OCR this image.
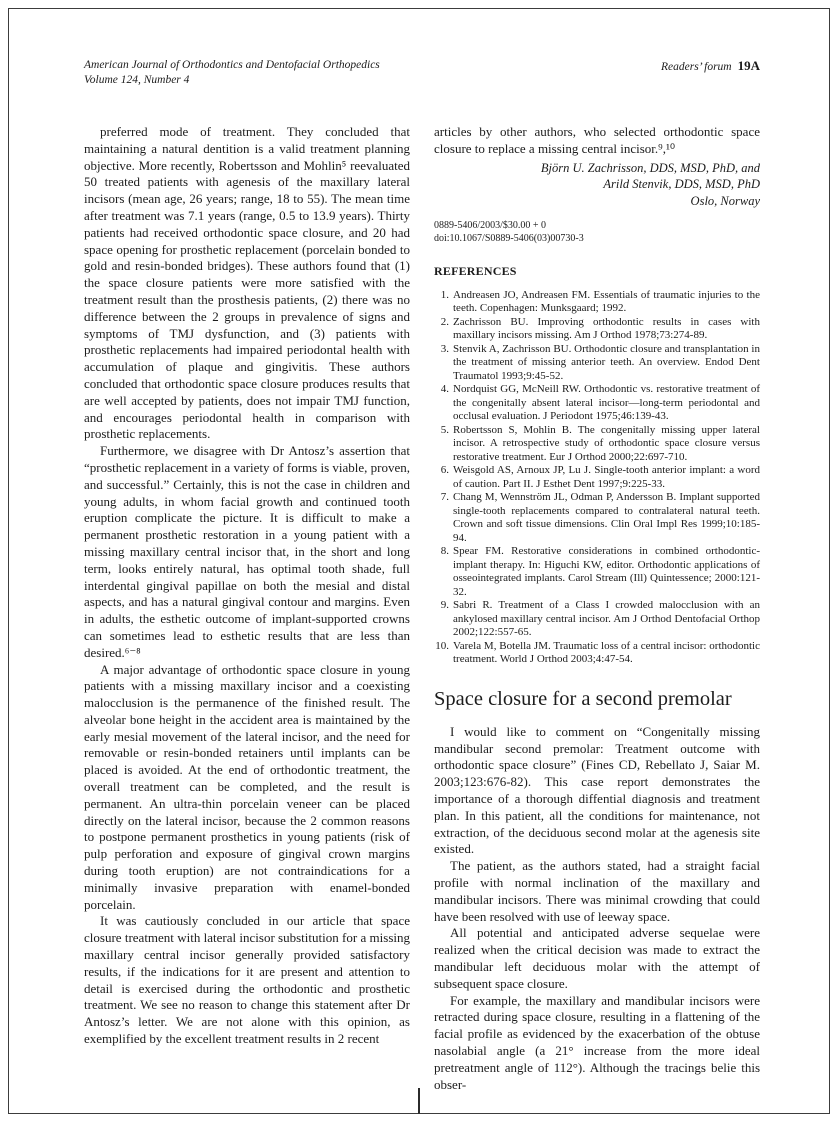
American Journal of Orthodontics and Dentofacial Orthopedics
Volume 124, Number 4
Readers’ forum 19A

preferred mode of treatment. They concluded that maintaining a natural dentition is a valid treatment planning objective. More recently, Robertsson and Mohlin⁵ reevaluated 50 treated patients with agenesis of the maxillary lateral incisors (mean age, 26 years; range, 18 to 55). The mean time after treatment was 7.1 years (range, 0.5 to 13.9 years). Thirty patients had received orthodontic space closure, and 20 had space opening for prosthetic replacement (porcelain bonded to gold and resin-bonded bridges). These authors found that (1) the space closure patients were more satisfied with the treatment result than the prosthesis patients, (2) there was no difference between the 2 groups in prevalence of signs and symptoms of TMJ dysfunction, and (3) patients with prosthetic replacements had impaired periodontal health with accumulation of plaque and gingivitis. These authors concluded that orthodontic space closure produces results that are well accepted by patients, does not impair TMJ function, and encourages periodontal health in comparison with prosthetic replacements.

Furthermore, we disagree with Dr Antosz’s assertion that “prosthetic replacement in a variety of forms is viable, proven, and successful.” Certainly, this is not the case in children and young adults, in whom facial growth and continued tooth eruption complicate the picture. It is difficult to make a permanent prosthetic restoration in a young patient with a missing maxillary central incisor that, in the short and long term, looks entirely natural, has optimal tooth shade, full interdental gingival papillae on both the mesial and distal aspects, and has a natural gingival contour and margins. Even in adults, the esthetic outcome of implant-supported crowns can sometimes lead to esthetic results that are less than desired.⁶⁻⁸

A major advantage of orthodontic space closure in young patients with a missing maxillary incisor and a coexisting malocclusion is the permanence of the finished result. The alveolar bone height in the accident area is maintained by the early mesial movement of the lateral incisor, and the need for removable or resin-bonded retainers until implants can be placed is avoided. At the end of orthodontic treatment, the overall treatment can be completed, and the result is permanent. An ultra-thin porcelain veneer can be placed directly on the lateral incisor, because the 2 common reasons to postpone permanent prosthetics in young patients (risk of pulp perforation and exposure of gingival crown margins during tooth eruption) are not contraindications for a minimally invasive preparation with enamel-bonded porcelain.

It was cautiously concluded in our article that space closure treatment with lateral incisor substitution for a missing maxillary central incisor generally provided satisfactory results, if the indications for it are present and attention to detail is exercised during the orthodontic and prosthetic treatment. We see no reason to change this statement after Dr Antosz’s letter. We are not alone with this opinion, as exemplified by the excellent treatment results in 2 recent

articles by other authors, who selected orthodontic space closure to replace a missing central incisor.⁹,¹⁰

Björn U. Zachrisson, DDS, MSD, PhD, and
Arild Stenvik, DDS, MSD, PhD
Oslo, Norway
0889-5406/2003/$30.00 + 0
doi:10.1067/S0889-5406(03)00730-3
REFERENCES
Andreasen JO, Andreasen FM. Essentials of traumatic injuries to the teeth. Copenhagen: Munksgaard; 1992.
Zachrisson BU. Improving orthodontic results in cases with maxillary incisors missing. Am J Orthod 1978;73:274-89.
Stenvik A, Zachrisson BU. Orthodontic closure and transplantation in the treatment of missing anterior teeth. An overview. Endod Dent Traumatol 1993;9:45-52.
Nordquist GG, McNeill RW. Orthodontic vs. restorative treatment of the congenitally absent lateral incisor—long-term periodontal and occlusal evaluation. J Periodont 1975;46:139-43.
Robertsson S, Mohlin B. The congenitally missing upper lateral incisor. A retrospective study of orthodontic space closure versus restorative treatment. Eur J Orthod 2000;22:697-710.
Weisgold AS, Arnoux JP, Lu J. Single-tooth anterior implant: a word of caution. Part II. J Esthet Dent 1997;9:225-33.
Chang M, Wennström JL, Odman P, Andersson B. Implant supported single-tooth replacements compared to contralateral natural teeth. Crown and soft tissue dimensions. Clin Oral Impl Res 1999;10:185-94.
Spear FM. Restorative considerations in combined orthodontic-implant therapy. In: Higuchi KW, editor. Orthodontic applications of osseointegrated implants. Carol Stream (Ill) Quintessence; 2000:121-32.
Sabri R. Treatment of a Class I crowded malocclusion with an ankylosed maxillary central incisor. Am J Orthod Dentofacial Orthop 2002;122:557-65.
Varela M, Botella JM. Traumatic loss of a central incisor: orthodontic treatment. World J Orthod 2003;4:47-54.
Space closure for a second premolar

I would like to comment on “Congenitally missing mandibular second premolar: Treatment outcome with orthodontic space closure” (Fines CD, Rebellato J, Saiar M. 2003;123:676-82). This case report demonstrates the importance of a thorough diffential diagnosis and treatment plan. In this patient, all the conditions for maintenance, not extraction, of the deciduous second molar at the agenesis site existed.

The patient, as the authors stated, had a straight facial profile with normal inclination of the maxillary and mandibular incisors. There was minimal crowding that could have been resolved with use of leeway space.

All potential and anticipated adverse sequelae were realized when the critical decision was made to extract the mandibular left deciduous molar with the attempt of subsequent space closure.

For example, the maxillary and mandibular incisors were retracted during space closure, resulting in a flattening of the facial profile as evidenced by the exacerbation of the obtuse nasolabial angle (a 21° increase from the more ideal pretreatment angle of 112°). Although the tracings belie this obser-
